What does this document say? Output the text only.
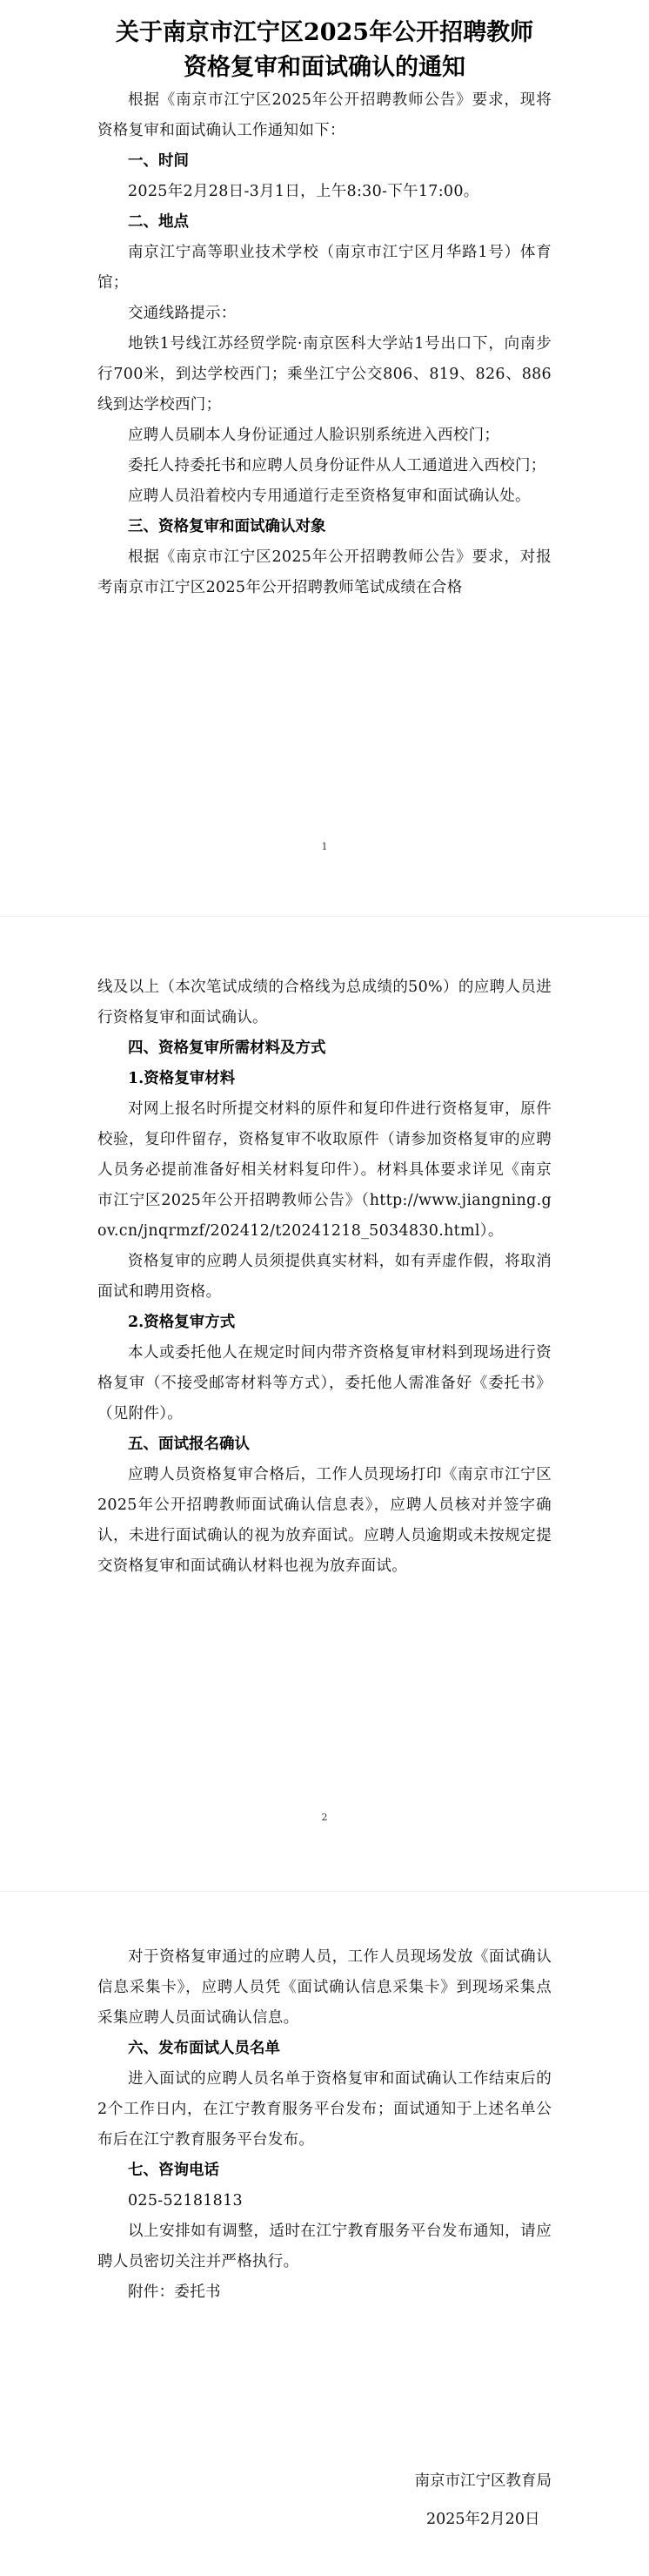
关于南京市江宁区2025年公开招聘教师
资格复审和面试确认的通知

根据《南京市江宁区2025年公开招聘教师公告》要求，现将资格复审和面试确认工作通知如下：

一、时间

2025年2月28日-3月1日，上午8:30-下午17:00。

二、地点

南京江宁高等职业技术学校（南京市江宁区月华路1号）体育馆；

交通线路提示：

地铁1号线江苏经贸学院·南京医科大学站1号出口下，向南步行700米，到达学校西门；乘坐江宁公交806、819、826、886线到达学校西门；

应聘人员刷本人身份证通过人脸识别系统进入西校门；

委托人持委托书和应聘人员身份证件从人工通道进入西校门；

应聘人员沿着校内专用通道行走至资格复审和面试确认处。

三、资格复审和面试确认对象

根据《南京市江宁区2025年公开招聘教师公告》要求，对报考南京市江宁区2025年公开招聘教师笔试成绩在合格

1

线及以上（本次笔试成绩的合格线为总成绩的50%）的应聘人员进行资格复审和面试确认。

四、资格复审所需材料及方式

1.资格复审材料

对网上报名时所提交材料的原件和复印件进行资格复审，原件校验，复印件留存，资格复审不收取原件（请参加资格复审的应聘人员务必提前准备好相关材料复印件）。材料具体要求详见《南京市江宁区2025年公开招聘教师公告》（http://www.jiangning.gov.cn/jnqrmzf/202412/t20241218_5034830.html）。

资格复审的应聘人员须提供真实材料，如有弄虚作假，将取消面试和聘用资格。

2.资格复审方式

本人或委托他人在规定时间内带齐资格复审材料到现场进行资格复审（不接受邮寄材料等方式），委托他人需准备好《委托书》（见附件）。

五、面试报名确认

应聘人员资格复审合格后，工作人员现场打印《南京市江宁区2025年公开招聘教师面试确认信息表》，应聘人员核对并签字确认，未进行面试确认的视为放弃面试。应聘人员逾期或未按规定提交资格复审和面试确认材料也视为放弃面试。

2

对于资格复审通过的应聘人员，工作人员现场发放《面试确认信息采集卡》，应聘人员凭《面试确认信息采集卡》到现场采集点采集应聘人员面试确认信息。

六、发布面试人员名单

进入面试的应聘人员名单于资格复审和面试确认工作结束后的2个工作日内，在江宁教育服务平台发布；面试通知于上述名单公布后在江宁教育服务平台发布。

七、咨询电话

025-52181813

以上安排如有调整，适时在江宁教育服务平台发布通知，请应聘人员密切关注并严格执行。

附件：委托书

南京市江宁区教育局
2025年2月20日
